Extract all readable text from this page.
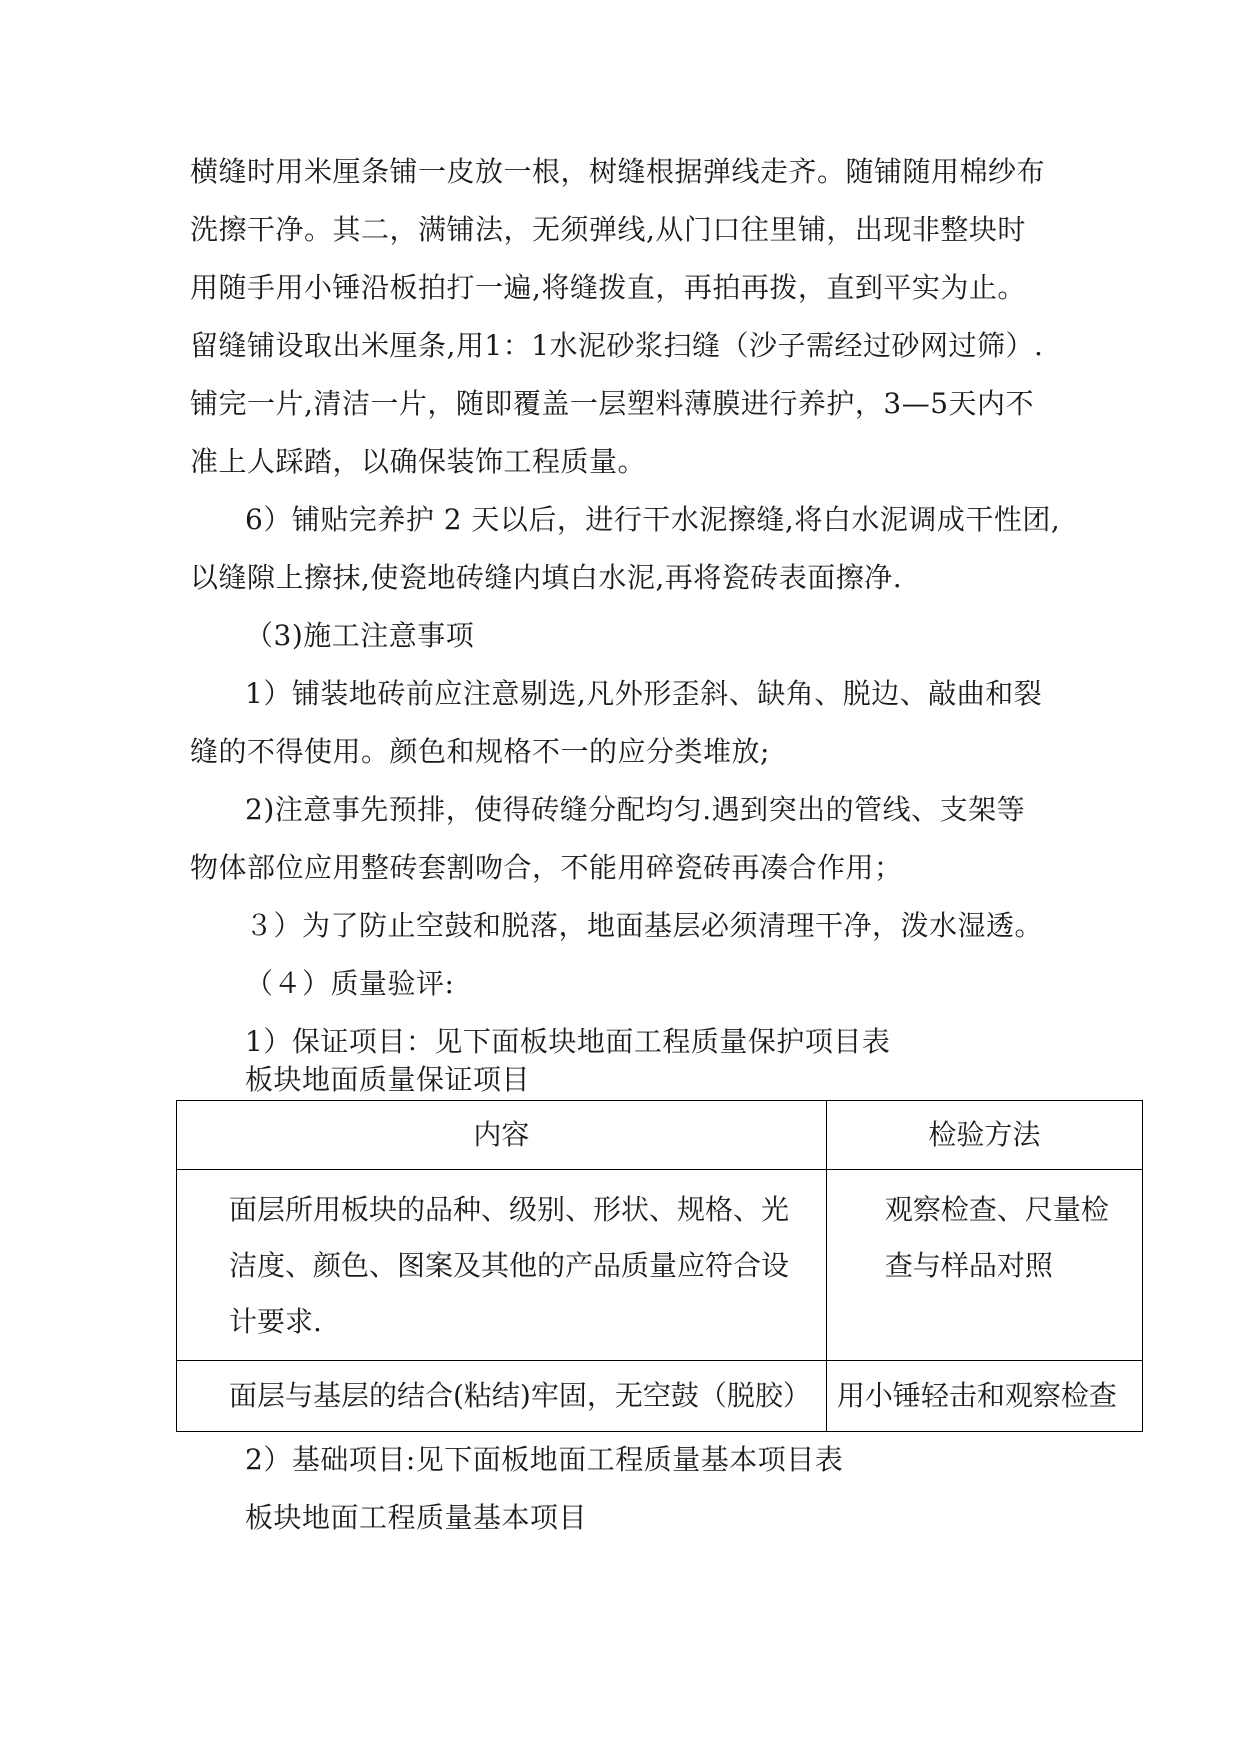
横缝时用米厘条铺一皮放一根，树缝根据弹线走齐。随铺随用棉纱布
洗擦干净。其二，满铺法，无须弹线,从门口往里铺，出现非整块时
用随手用小锤沿板拍打一遍,将缝拨直，再拍再拨，直到平实为止。
留缝铺设取出米厘条,用1：1水泥砂浆扫缝（沙子需经过砂网过筛）.
铺完一片,清洁一片，随即覆盖一层塑料薄膜进行养护，3—5天内不
准上人踩踏，以确保装饰工程质量。
6）铺贴完养护 2 天以后，进行干水泥擦缝,将白水泥调成干性团,
以缝隙上擦抹,使瓷地砖缝内填白水泥,再将瓷砖表面擦净.
（3)施工注意事项
1）铺装地砖前应注意剔选,凡外形歪斜、缺角、脱边、敲曲和裂
缝的不得使用。颜色和规格不一的应分类堆放;
2)注意事先预排，使得砖缝分配均匀.遇到突出的管线、支架等
物体部位应用整砖套割吻合，不能用碎瓷砖再凑合作用；
３）为了防止空鼓和脱落，地面基层必须清理干净，泼水湿透。
（４）质量验评:
1）保证项目：见下面板块地面工程质量保护项目表
板块地面质量保证项目
内容	检验方法

面层所用板块的品种、级别、形状、规格、光洁度、颜色、图案及其他的产品质量应符合设计要求.	观察检查、尺量检查与样品对照

面层与基层的结合(粘结)牢固，无空鼓（脱胶）	用小锤轻击和观察检查
2）基础项目:见下面板地面工程质量基本项目表
板块地面工程质量基本项目
